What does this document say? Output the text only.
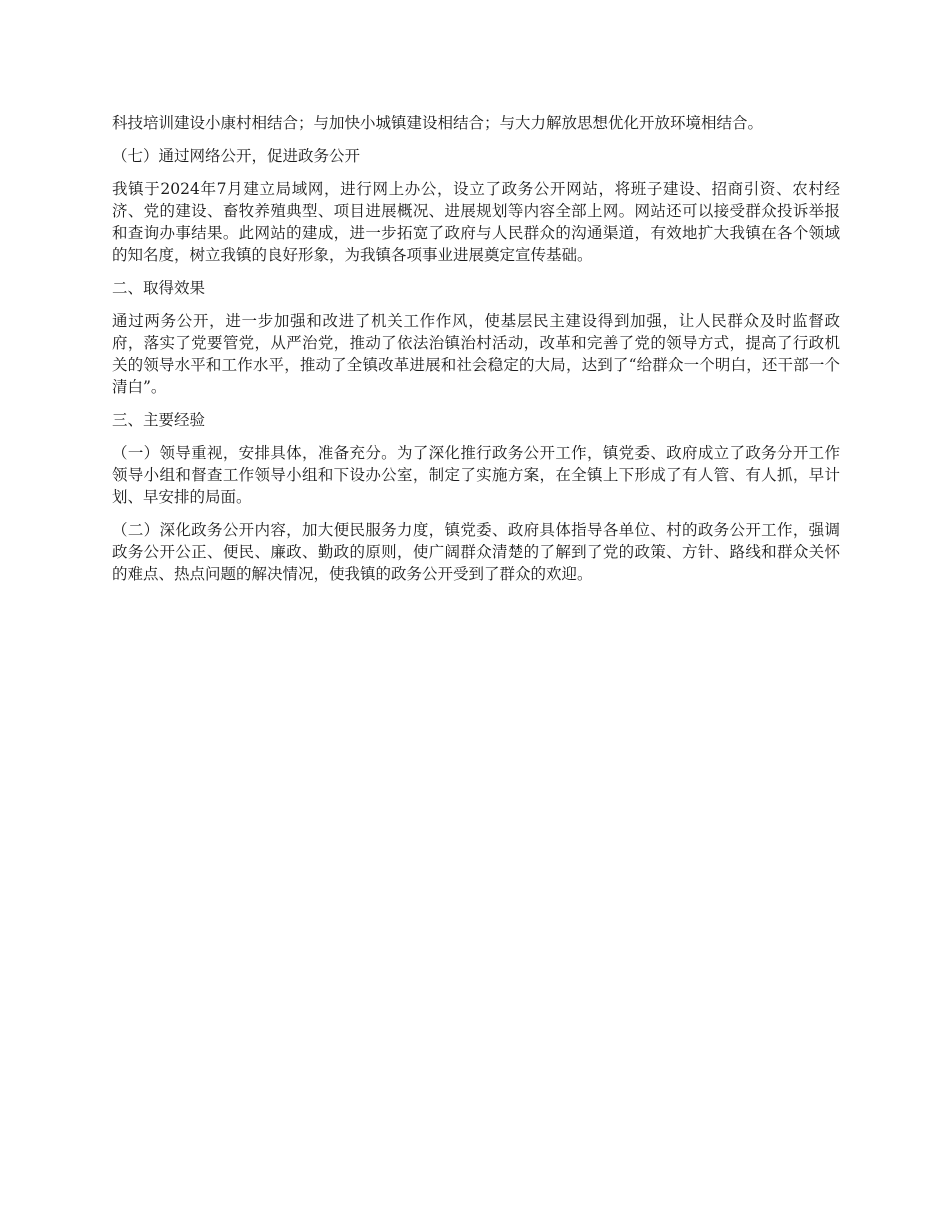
科技培训建设小康村相结合；与加快小城镇建设相结合；与大力解放思想优化开放环境相结合。

（七）通过网络公开，促进政务公开

我镇于2024年7月建立局域网，进行网上办公，设立了政务公开网站，将班子建设、招商引资、农村经济、党的建设、畜牧养殖典型、项目进展概况、进展规划等内容全部上网。网站还可以接受群众投诉举报和查询办事结果。此网站的建成，进一步拓宽了政府与人民群众的沟通渠道，有效地扩大我镇在各个领域的知名度，树立我镇的良好形象，为我镇各项事业进展奠定宣传基础。

二、取得效果

通过两务公开，进一步加强和改进了机关工作作风，使基层民主建设得到加强，让人民群众及时监督政府，落实了党要管党，从严治党，推动了依法治镇治村活动，改革和完善了党的领导方式，提高了行政机关的领导水平和工作水平，推动了全镇改革进展和社会稳定的大局，达到了“给群众一个明白，还干部一个清白”。

三、主要经验

（一）领导重视，安排具体，准备充分。为了深化推行政务公开工作，镇党委、政府成立了政务分开工作领导小组和督查工作领导小组和下设办公室，制定了实施方案，在全镇上下形成了有人管、有人抓，早计划、早安排的局面。

（二）深化政务公开内容，加大便民服务力度，镇党委、政府具体指导各单位、村的政务公开工作，强调政务公开公正、便民、廉政、勤政的原则，使广阔群众清楚的了解到了党的政策、方针、路线和群众关怀的难点、热点问题的解决情况，使我镇的政务公开受到了群众的欢迎。
